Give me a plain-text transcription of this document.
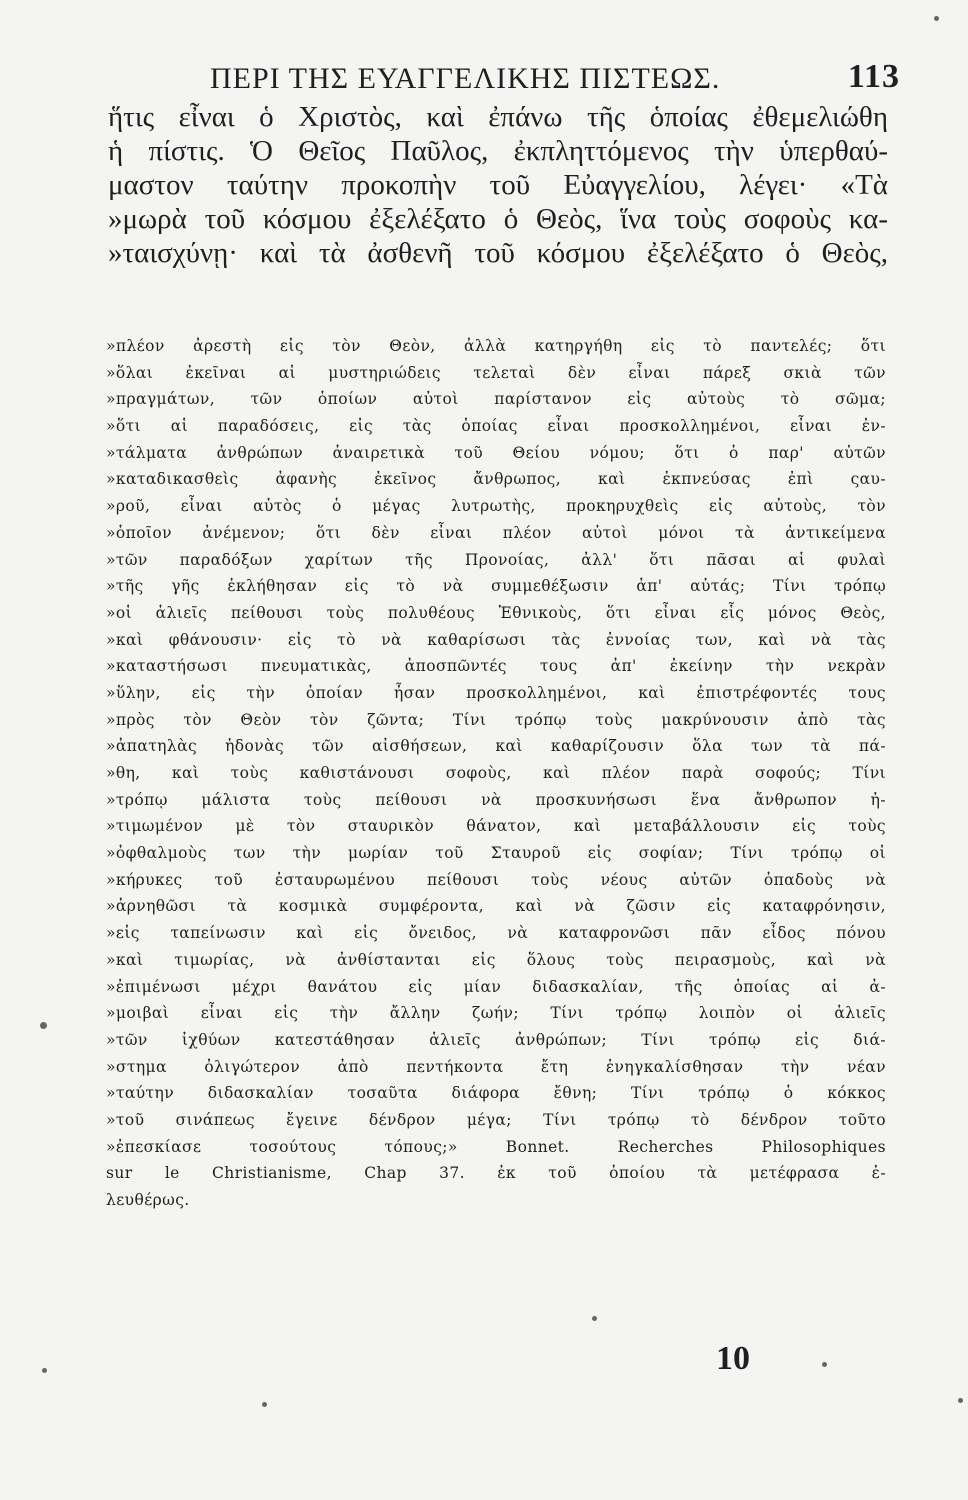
ΠΕΡΙ ΤΗΣ ΕΥΑΓΓΕΛΙΚΗΣ ΠΙΣΤΕΩΣ.	113
ἥτις εἶναι ὁ Χριστὸς, καὶ ἐπάνω τῆς ὁποίας ἐθεμελιώθη
ἡ πίστις. Ὁ Θεῖος Παῦλος, ἐκπληττόμενος τὴν ὑπερθαύ-
μαστον ταύτην προκοπὴν τοῦ Εὐαγγελίου, λέγει· «Τὰ
»μωρὰ τοῦ κόσμου ἐξελέξατο ὁ Θεὸς, ἵνα τοὺς σοφοὺς κα-
»ταισχύνῃ· καὶ τὰ ἀσθενῆ τοῦ κόσμου ἐξελέξατο ὁ Θεὸς,
»πλέον ἀρεστὴ εἰς τὸν Θεὸν, ἀλλὰ κατηργήθη εἰς τὸ παντελές; ὅτι
»ὅλαι ἐκεῖναι αἱ μυστηριώδεις τελεταὶ δὲν εἶναι πάρεξ σκιὰ τῶν
»πραγμάτων, τῶν ὁποίων αὐτοὶ παρίστανον εἰς αὐτοὺς τὸ σῶμα;
»ὅτι αἱ παραδόσεις, εἰς τὰς ὁποίας εἶναι προσκολλημένοι, εἶναι ἐν-
»τάλματα ἀνθρώπων ἀναιρετικὰ τοῦ Θείου νόμου; ὅτι ὁ παρ' αὐτῶν
»καταδικασθεὶς ἀφανὴς ἐκεῖνος ἄνθρωπος, καὶ ἐκπνεύσας ἐπὶ ςαυ-
»ροῦ, εἶναι αὐτὸς ὁ μέγας λυτρωτὴς, προκηρυχθεὶς εἰς αὐτοὺς, τὸν
»ὁποῖον ἀνέμενον; ὅτι δὲν εἶναι πλέον αὐτοὶ μόνοι τὰ ἀντικείμενα
»τῶν παραδόξων χαρίτων τῆς Προνοίας, ἀλλ' ὅτι πᾶσαι αἱ φυλαὶ
»τῆς γῆς ἐκλήθησαν εἰς τὸ νὰ συμμεθέξωσιν ἀπ' αὐτάς; Τίνι τρόπῳ
»οἱ ἁλιεῖς πείθουσι τοὺς πολυθέους Ἐθνικοὺς, ὅτι εἶναι εἷς μόνος Θεὸς,
»καὶ φθάνουσιν· εἰς τὸ νὰ καθαρίσωσι τὰς ἐννοίας των, καὶ νὰ τὰς
»καταστήσωσι πνευματικὰς, ἀποσπῶντές τους ἀπ' ἐκείνην τὴν νεκρὰν
»ὕλην, εἰς τὴν ὁποίαν ἦσαν προσκολλημένοι, καὶ ἐπιστρέφοντές τους
»πρὸς τὸν Θεὸν τὸν ζῶντα; Τίνι τρόπῳ τοὺς μακρύνουσιν ἀπὸ τὰς
»ἀπατηλὰς ἡδονὰς τῶν αἰσθήσεων, καὶ καθαρίζουσιν ὅλα των τὰ πά-
»θη, καὶ τοὺς καθιστάνουσι σοφοὺς, καὶ πλέον παρὰ σοφούς; Τίνι
»τρόπῳ μάλιστα τοὺς πείθουσι νὰ προσκυνήσωσι ἕνα ἄνθρωπον ἠ-
»τιμωμένον μὲ τὸν σταυρικὸν θάνατον, καὶ μεταβάλλουσιν εἰς τοὺς
»ὀφθαλμοὺς των τὴν μωρίαν τοῦ Σταυροῦ εἰς σοφίαν; Τίνι τρόπῳ οἱ
»κήρυκες τοῦ ἐσταυρωμένου πείθουσι τοὺς νέους αὐτῶν ὀπαδοὺς νὰ
»ἀρνηθῶσι τὰ κοσμικὰ συμφέροντα, καὶ νὰ ζῶσιν εἰς καταφρόνησιν,
»εἰς ταπείνωσιν καὶ εἰς ὄνειδος, νὰ καταφρονῶσι πᾶν εἶδος πόνου
»καὶ τιμωρίας, νὰ ἀνθίστανται εἰς ὅλους τοὺς πειρασμοὺς, καὶ νὰ
»ἐπιμένωσι μέχρι θανάτου εἰς μίαν διδασκαλίαν, τῆς ὁποίας αἱ ἀ-
»μοιβαὶ εἶναι εἰς τὴν ἄλλην ζωήν; Τίνι τρόπῳ λοιπὸν οἱ ἁλιεῖς
»τῶν ἰχθύων κατεστάθησαν ἁλιεῖς ἀνθρώπων; Τίνι τρόπῳ εἰς διά-
»στημα ὀλιγώτερον ἀπὸ πεντήκοντα ἔτη ἐνηγκαλίσθησαν τὴν νέαν
»ταύτην διδασκαλίαν τοσαῦτα διάφορα ἔθνη; Τίνι τρόπῳ ὁ κόκκος
»τοῦ σινάπεως ἔγεινε δένδρον μέγα; Τίνι τρόπῳ τὸ δένδρον τοῦτο
»ἐπεσκίασε τοσούτους τόπους;» Bonnet. Recherches Philosophiques
sur le Christianisme, Chap 37. ἐκ τοῦ ὁποίου τὰ μετέφρασα ἐ-
λευθέρως.
10
